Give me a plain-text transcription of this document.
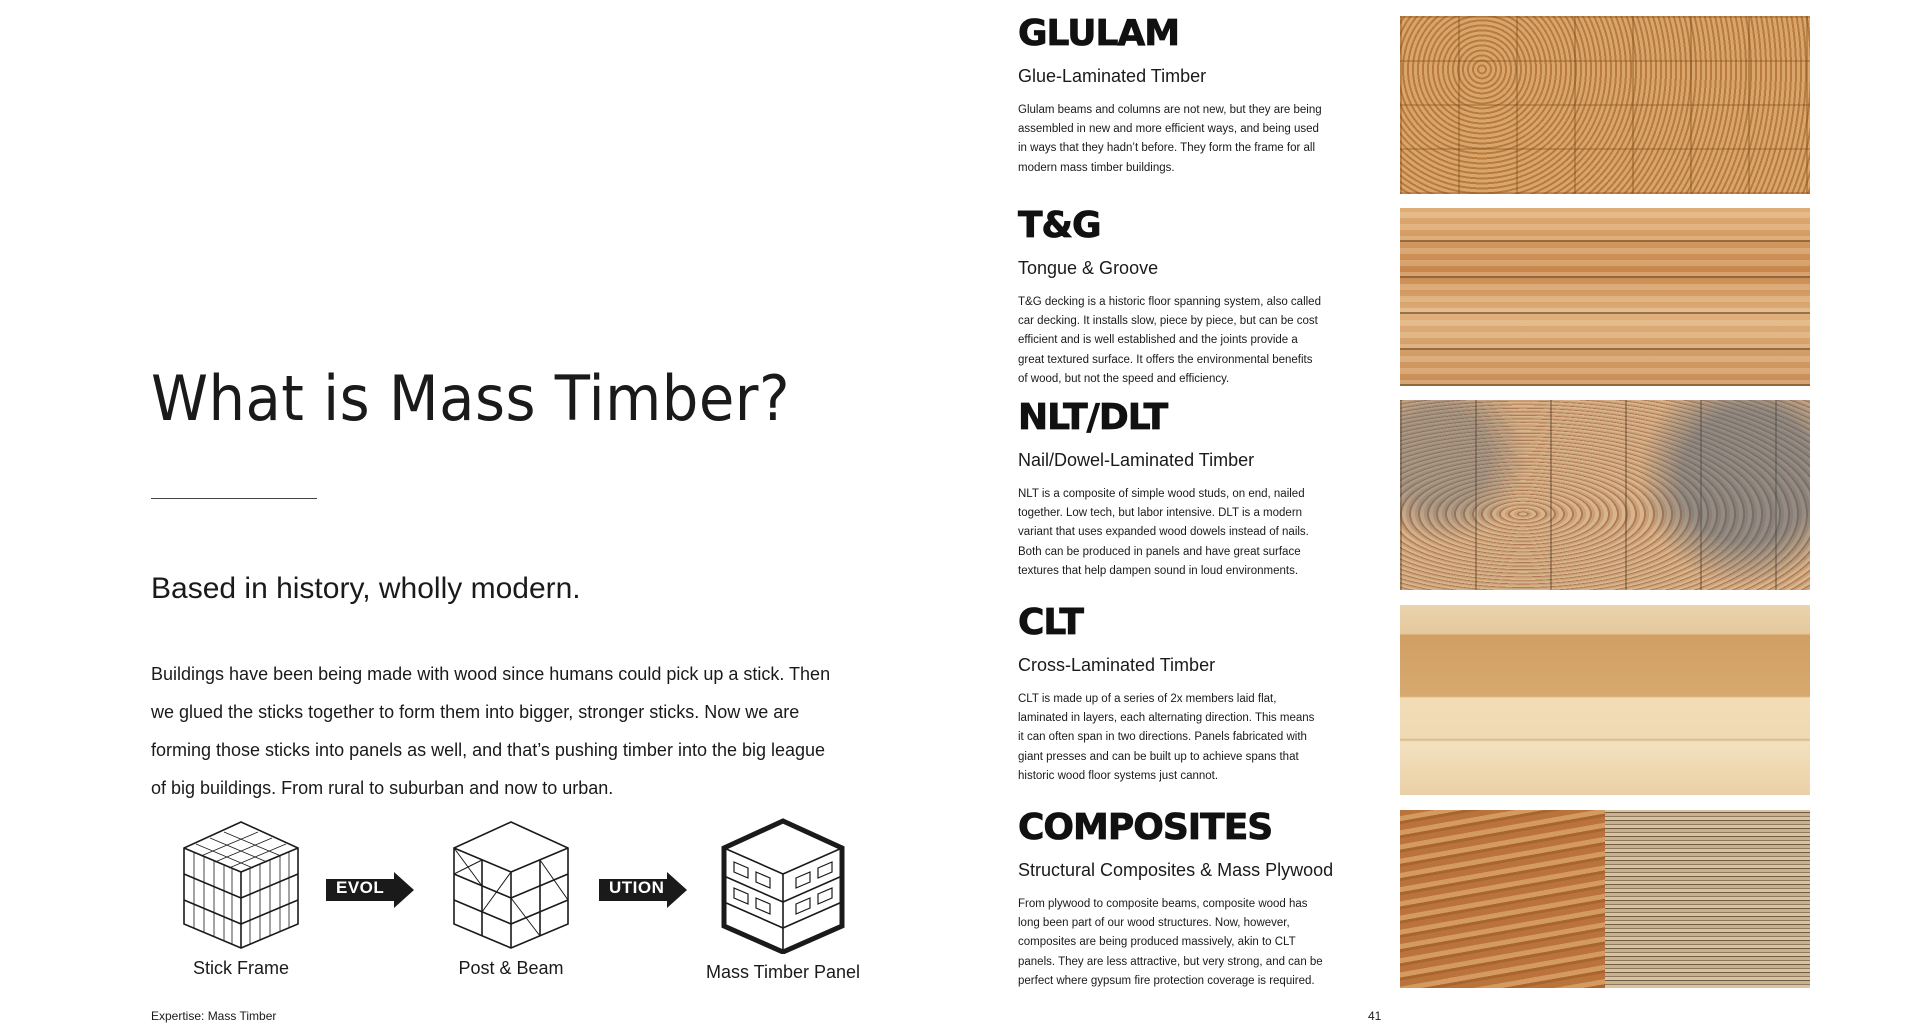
What is Mass Timber?
Based in history, wholly modern.
Buildings have been being made with wood since humans could pick up a stick. Then
we glued the sticks together to form them into bigger, stronger sticks. Now we are
forming those sticks into panels as well, and that’s pushing timber into the big league
of big buildings. From rural to suburban and now to urban.
Stick Frame
EVOL
Post & Beam
UTION
Mass Timber Panel
Expertise: Mass Timber
GLULAM
Glue-Laminated Timber

Glulam beams and columns are not new, but they are being
assembled in new and more efficient ways, and being used
in ways that they hadn’t before. They form the frame for all
modern mass timber buildings.

T&G
Tongue & Groove

T&G decking is a historic floor spanning system, also called
car decking. It installs slow, piece by piece, but can be cost
efficient and is well established and the joints provide a
great textured surface. It offers the environmental benefits
of wood, but not the speed and efficiency.

NLT/DLT
Nail/Dowel-Laminated Timber

NLT is a composite of simple wood studs, on end, nailed
together. Low tech, but labor intensive. DLT is a modern
variant that uses expanded wood dowels instead of nails.
Both can be produced in panels and have great surface
textures that help dampen sound in loud environments.

CLT
Cross-Laminated Timber

CLT is made up of a series of 2x members laid flat,
laminated in layers, each alternating direction. This means
it can often span in two directions. Panels fabricated with
giant presses and can be built up to achieve spans that
historic wood floor systems just cannot.

COMPOSITES
Structural Composites & Mass Plywood

From plywood to composite beams, composite wood has
long been part of our wood structures. Now, however,
composites are being produced massively, akin to CLT
panels. They are less attractive, but very strong, and can be
perfect where gypsum fire protection coverage is required.

41
